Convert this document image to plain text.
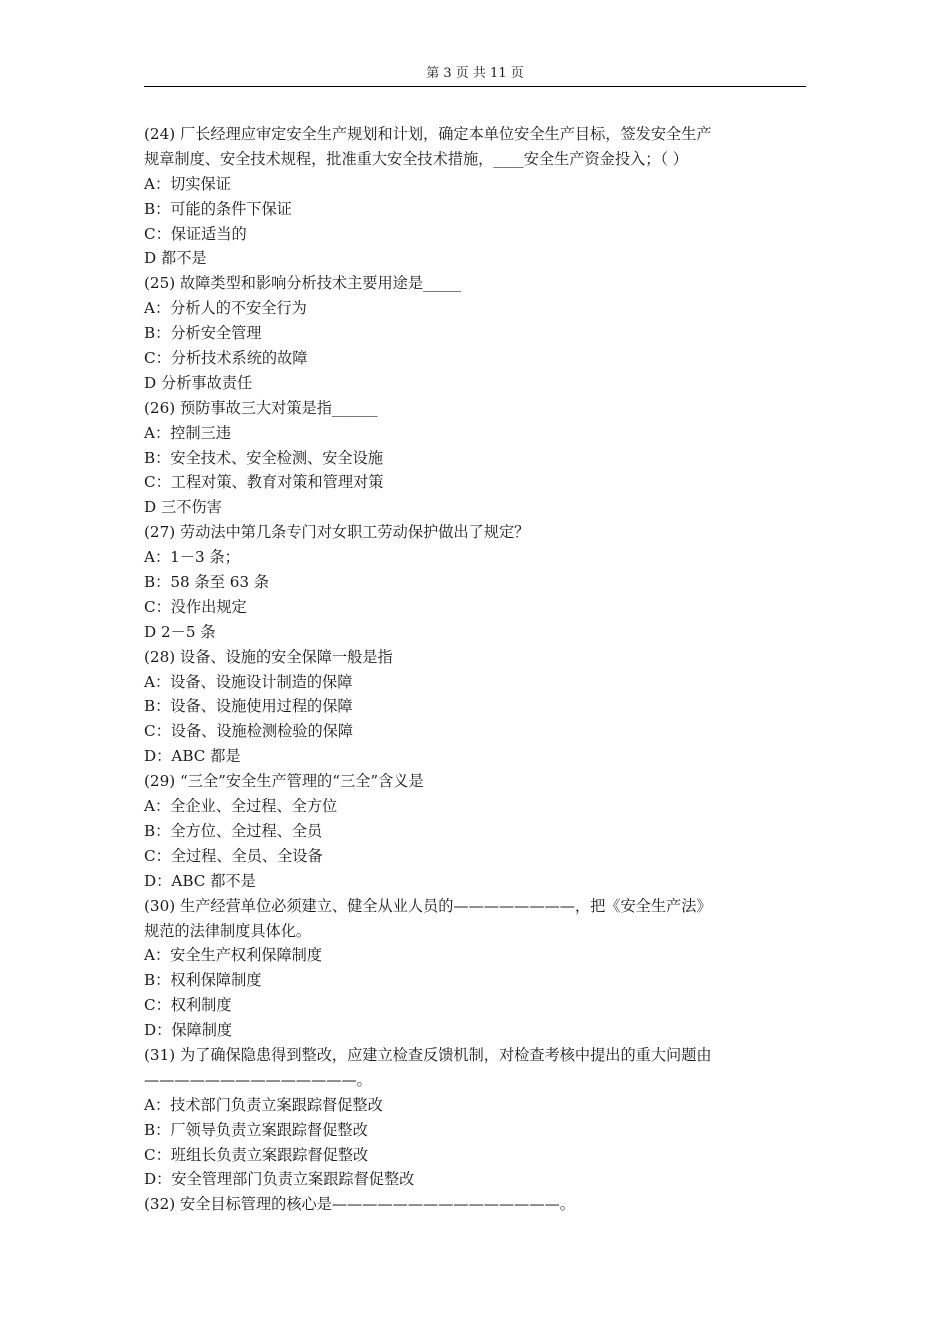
第 3 页 共 11 页
(24) 厂长经理应审定安全生产规划和计划，确定本单位安全生产目标，签发安全生产
规章制度、安全技术规程，批准重大安全技术措施，____安全生产资金投入；（ ）
A：切实保证
B：可能的条件下保证
C：保证适当的
D 都不是
(25) 故障类型和影响分析技术主要用途是_____
A：分析人的不安全行为
B：分析安全管理
C：分析技术系统的故障
D 分析事故责任
(26) 预防事故三大对策是指______
A：控制三违
B：安全技术、安全检测、安全设施
C：工程对策、教育对策和管理对策
D 三不伤害
(27) 劳动法中第几条专门对女职工劳动保护做出了规定？
A：1－3 条；
B：58 条至 63 条
C：没作出规定
D 2－5 条
(28) 设备、设施的安全保障一般是指
A：设备、设施设计制造的保障
B：设备、设施使用过程的保障
C：设备、设施检测检验的保障
D：ABC 都是
(29) “三全”安全生产管理的“三全”含义是
A：全企业、全过程、全方位
B：全方位、全过程、全员
C：全过程、全员、全设备
D：ABC 都不是
(30) 生产经营单位必须建立、健全从业人员的————————，把《安全生产法》
规范的法律制度具体化。
A：安全生产权利保障制度
B：权利保障制度
C：权利制度
D：保障制度
(31) 为了确保隐患得到整改，应建立检查反馈机制，对检查考核中提出的重大问题由
——————————————。
A：技术部门负责立案跟踪督促整改
B：厂领导负责立案跟踪督促整改
C：班组长负责立案跟踪督促整改
D：安全管理部门负责立案跟踪督促整改
(32) 安全目标管理的核心是———————————————。
